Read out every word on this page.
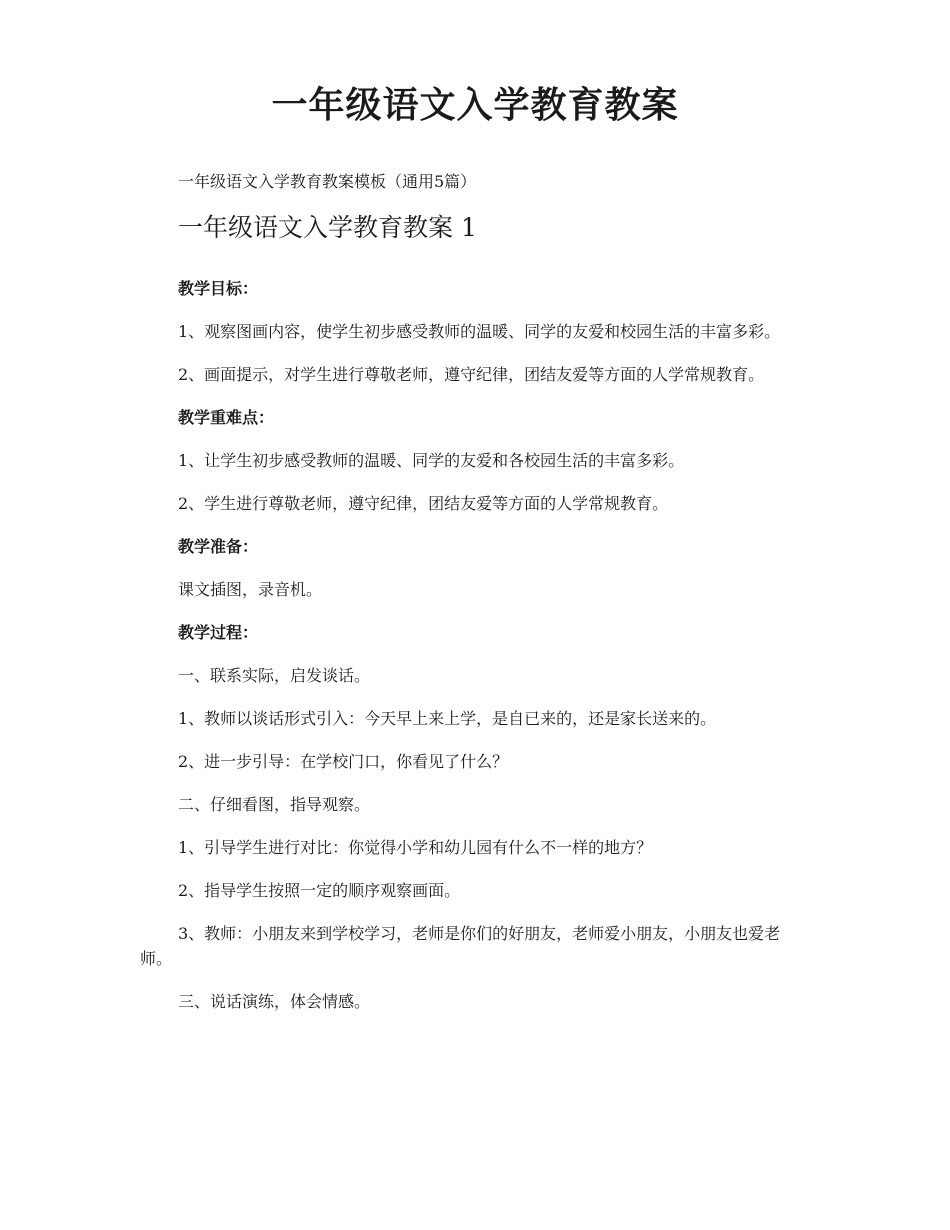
一年级语文入学教育教案

一年级语文入学教育教案模板（通用5篇）

一年级语文入学教育教案 1

教学目标：

1、观察图画内容，使学生初步感受教师的温暖、同学的友爱和校园生活的丰富多彩。

2、画面提示，对学生进行尊敬老师，遵守纪律，团结友爱等方面的人学常规教育。

教学重难点：

1、让学生初步感受教师的温暖、同学的友爱和各校园生活的丰富多彩。

2、学生进行尊敬老师，遵守纪律，团结友爱等方面的人学常规教育。

教学准备：

课文插图，录音机。

教学过程：

一、联系实际，启发谈话。

1、教师以谈话形式引入：今天早上来上学，是自已来的，还是家长送来的。

2、进一步引导：在学校门口，你看见了什么？

二、仔细看图，指导观察。

1、引导学生进行对比：你觉得小学和幼儿园有什么不一样的地方？

2、指导学生按照一定的顺序观察画面。

3、教师：小朋友来到学校学习，老师是你们的好朋友，老师爱小朋友，小朋友也爱老师。

三、说话演练，体会情感。
